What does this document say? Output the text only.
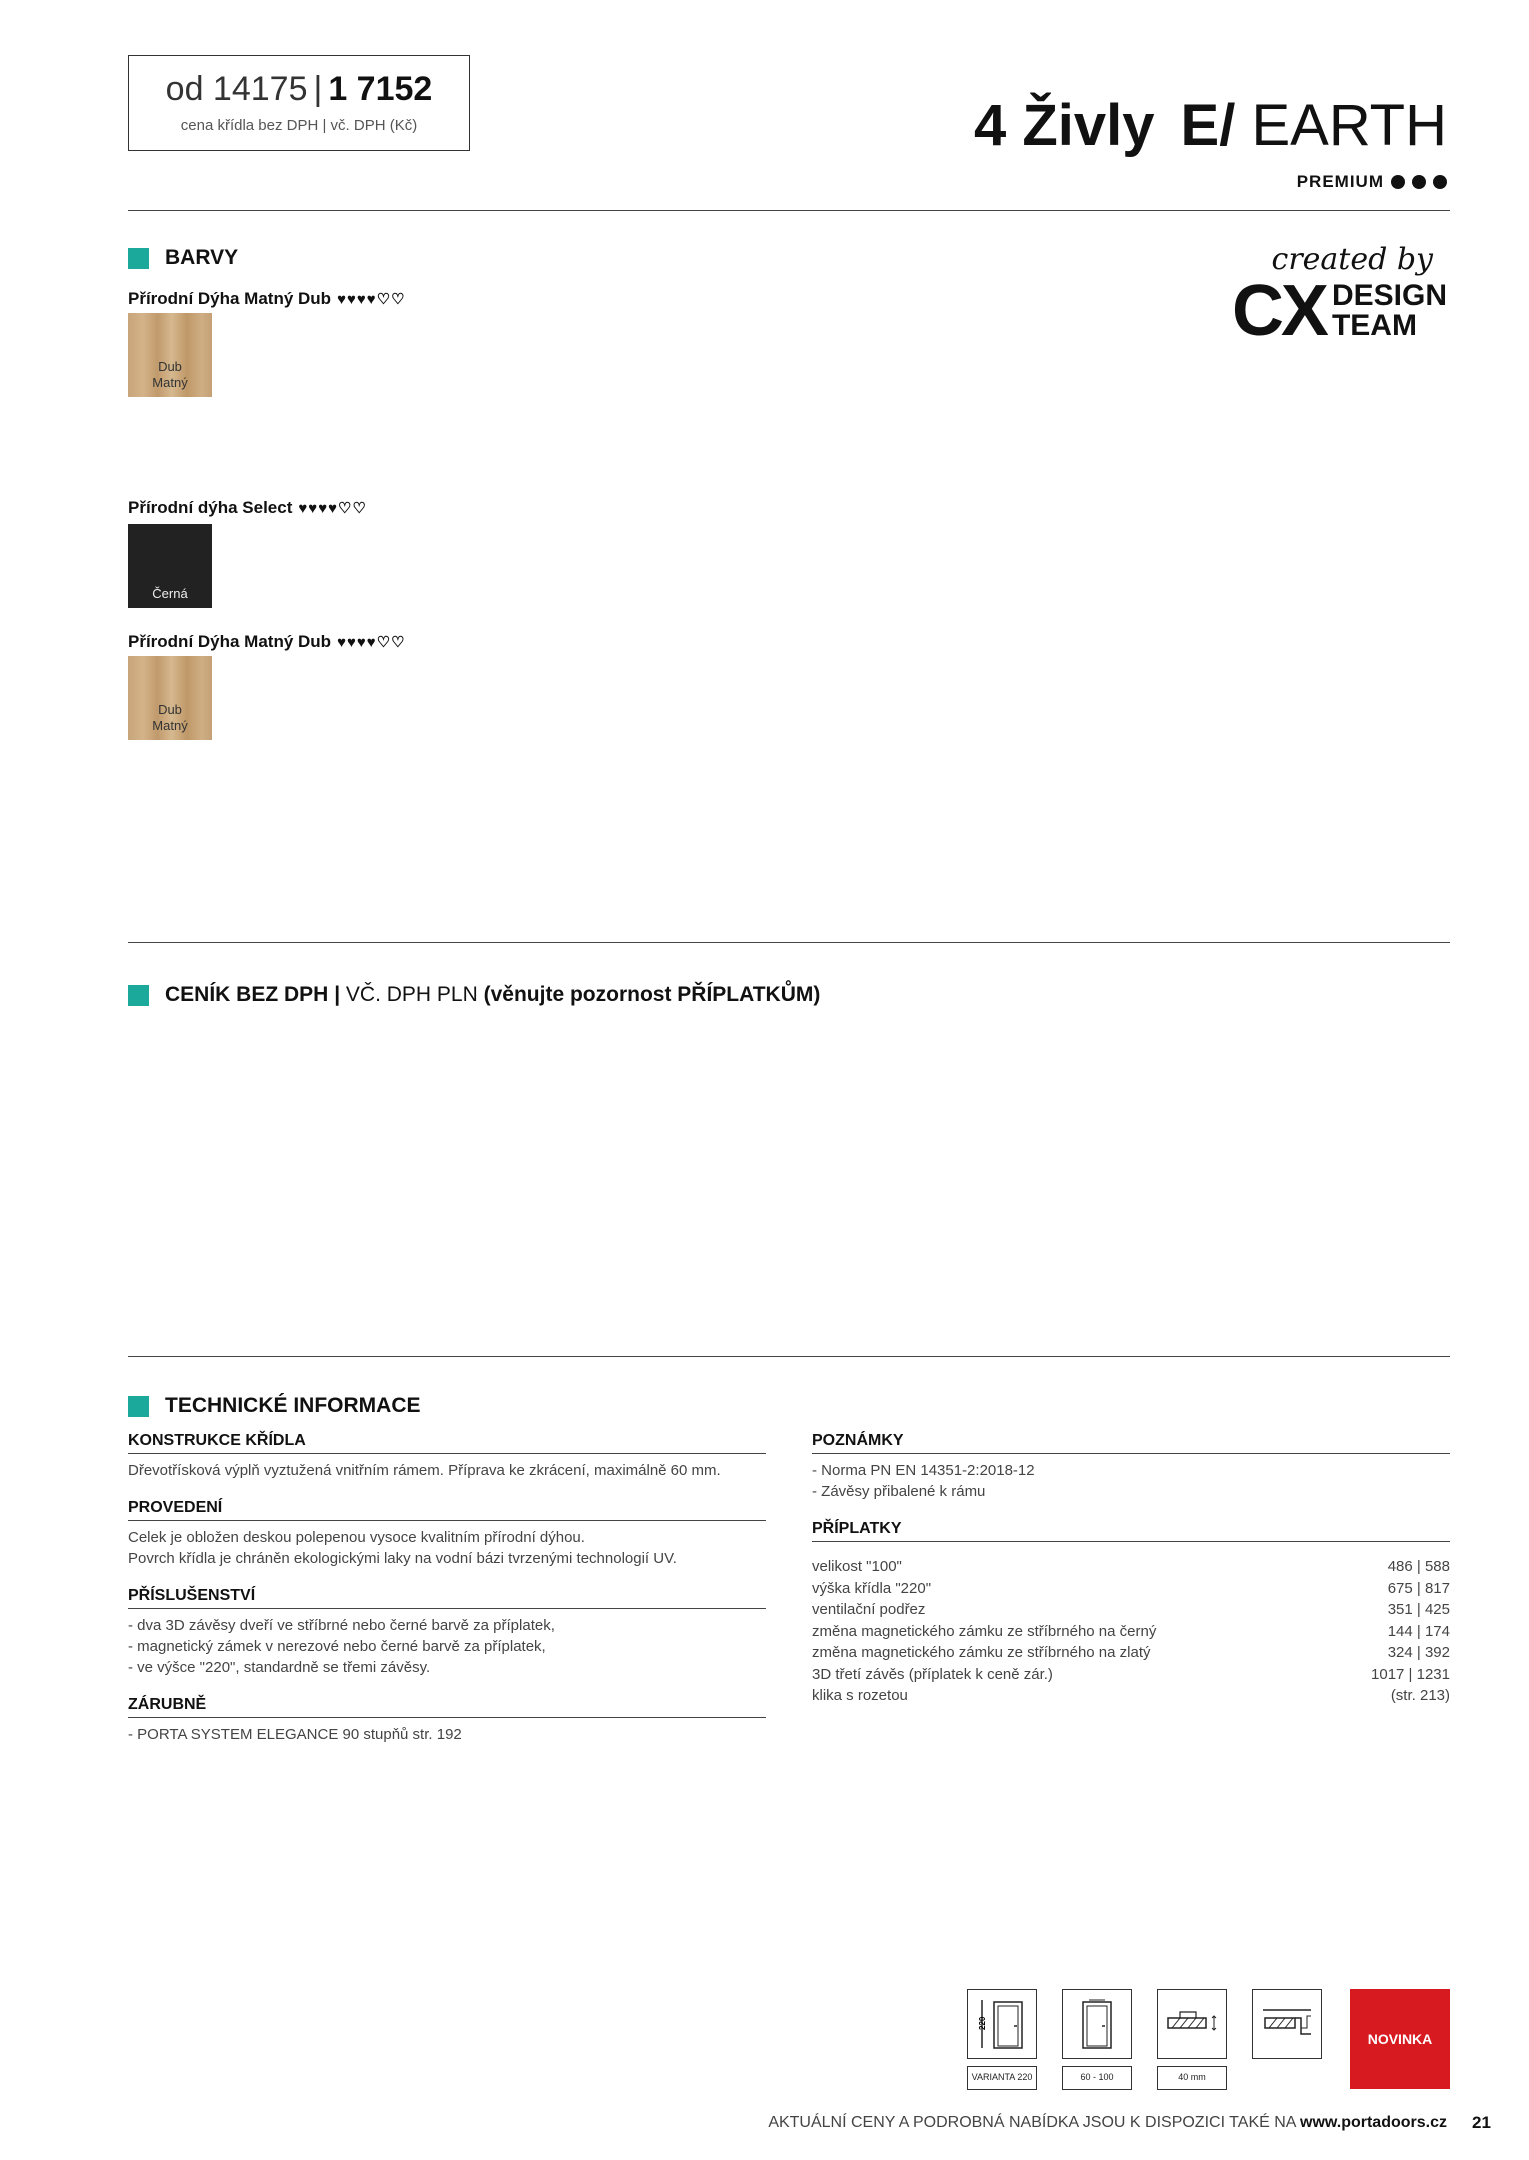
od 14175 | 1 7152
cena křídla bez DPH | vč. DPH (Kč)	4 Živly E/ EARTH
PREMIUM
created by
CX DESIGN
TEAM
BARVY
Přírodní Dýha Matný Dub ♥♥♥♥♡♡
Dub
Matný
Přírodní dýha Select ♥♥♥♥♡♡
Černá
Přírodní Dýha Matný Dub ♥♥♥♥♡♡
Dub
Matný
CENÍK BEZ DPH | VČ. DPH PLN (věnujte pozornost PŘÍPLATKŮM)
TECHNICKÉ INFORMACE
KONSTRUKCE KŘÍDLA
Dřevotřísková výplň vyztužená vnitřním rámem. Příprava ke zkrácení, maximálně 60 mm.
PROVEDENÍ
Celek je obložen deskou polepenou vysoce kvalitním přírodní dýhou.
Povrch křídla je chráněn ekologickými laky na vodní bázi tvrzenými technologií UV.
PŘÍSLUŠENSTVÍ
- dva 3D závěsy dveří ve stříbrné nebo černé barvě za příplatek,
- magnetický zámek v nerezové nebo černé barvě za příplatek,
- ve výšce "220", standardně se třemi závěsy.
ZÁRUBNĚ
- PORTA SYSTEM ELEGANCE 90 stupňů str. 192
POZNÁMKY
- Norma PN EN 14351-2:2018-12
- Závěsy přibalené k rámu
PŘÍPLATKY
velikost "100"	486 | 588
výška křídla "220"	675 | 817
ventilační podřez	351 | 425
změna magnetického zámku ze stříbrného na černý	144 | 174
změna magnetického zámku ze stříbrného na zlatý	324 | 392
3D třetí závěs (příplatek k ceně zár.)	1017 | 1231
klika s rozetou	(str. 213)
220
VARIANTA 220	60 - 100	40 mm
NOVINKA
AKTUÁLNÍ CENY A PODROBNÁ NABÍDKA JSOU K DISPOZICI TAKÉ NA www.portadoors.cz 21
